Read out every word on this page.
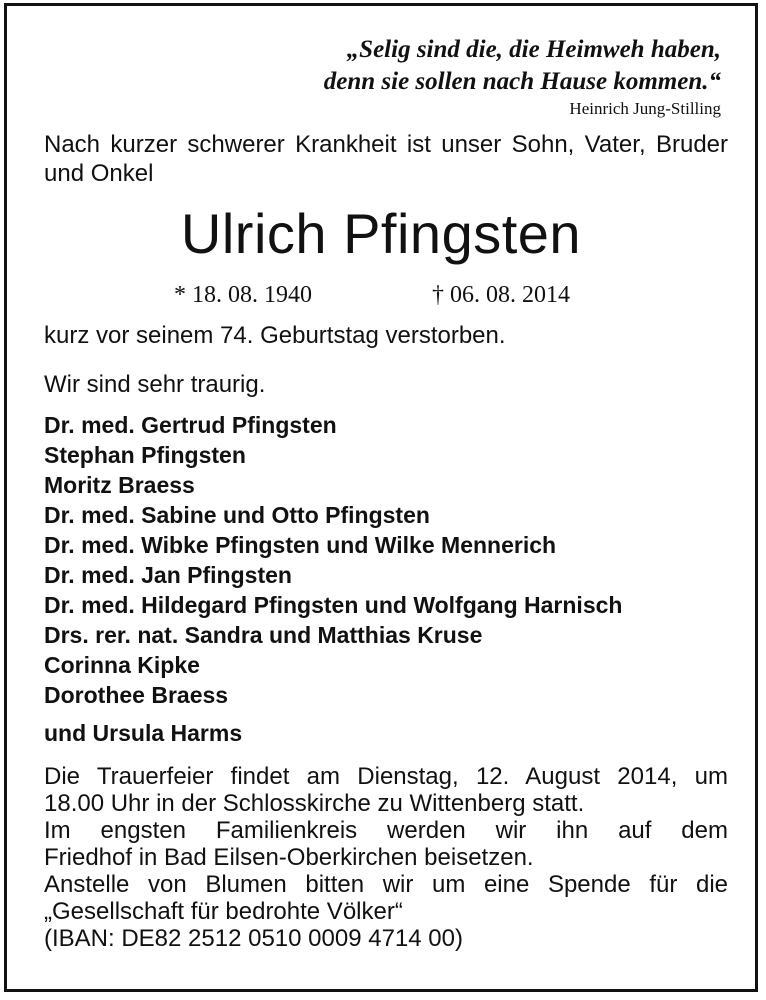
„Selig sind die, die Heimweh haben,
denn sie sollen nach Hause kommen.“
Heinrich Jung-Stilling
Nach kurzer schwerer Krankheit ist unser Sohn, Vater, Bruder und Onkel
Ulrich Pfingsten
* 18. 08. 1940	† 06. 08. 2014
kurz vor seinem 74. Geburtstag verstorben.
Wir sind sehr traurig.
Dr. med. Gertrud Pfingsten
Stephan Pfingsten
Moritz Braess
Dr. med. Sabine und Otto Pfingsten
Dr. med. Wibke Pfingsten und Wilke Mennerich
Dr. med. Jan Pfingsten
Dr. med. Hildegard Pfingsten und Wolfgang Harnisch
Drs. rer. nat. Sandra und Matthias Kruse
Corinna Kipke
Dorothee Braess
und Ursula Harms
Die Trauerfeier findet am Dienstag, 12. August 2014, um
18.00 Uhr in der Schlosskirche zu Wittenberg statt.
Im engsten Familienkreis werden wir ihn auf dem
Friedhof in Bad Eilsen-Oberkirchen beisetzen.
Anstelle von Blumen bitten wir um eine Spende für die
„Gesellschaft für bedrohte Völker“
(IBAN: DE82 2512 0510 0009 4714 00)
